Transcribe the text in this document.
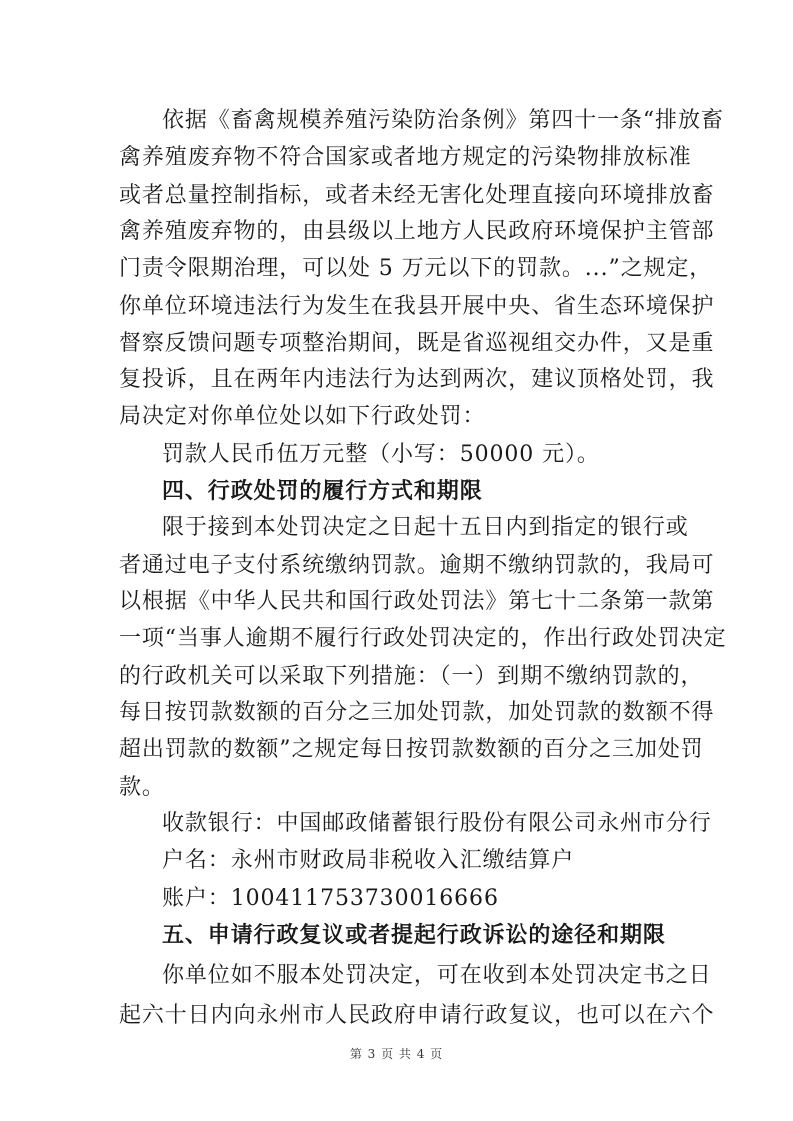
依据《畜禽规模养殖污染防治条例》第四十一条“排放畜
禽养殖废弃物不符合国家或者地方规定的污染物排放标准
或者总量控制指标，或者未经无害化处理直接向环境排放畜
禽养殖废弃物的，由县级以上地方人民政府环境保护主管部
门责令限期治理，可以处 5 万元以下的罚款。...”之规定，
你单位环境违法行为发生在我县开展中央、省生态环境保护
督察反馈问题专项整治期间，既是省巡视组交办件，又是重
复投诉，且在两年内违法行为达到两次，建议顶格处罚，我
局决定对你单位处以如下行政处罚：
罚款人民币伍万元整（小写：50000 元）。
四、行政处罚的履行方式和期限
限于接到本处罚决定之日起十五日内到指定的银行或
者通过电子支付系统缴纳罚款。逾期不缴纳罚款的，我局可
以根据《中华人民共和国行政处罚法》第七十二条第一款第
一项“当事人逾期不履行行政处罚决定的，作出行政处罚决定
的行政机关可以采取下列措施：（一）到期不缴纳罚款的，
每日按罚款数额的百分之三加处罚款，加处罚款的数额不得
超出罚款的数额”之规定每日按罚款数额的百分之三加处罚
款。
收款银行：中国邮政储蓄银行股份有限公司永州市分行
户名：永州市财政局非税收入汇缴结算户
账户：100411753730016666
五、申请行政复议或者提起行政诉讼的途径和期限
你单位如不服本处罚决定，可在收到本处罚决定书之日
起六十日内向永州市人民政府申请行政复议，也可以在六个
第 3 页 共 4 页
